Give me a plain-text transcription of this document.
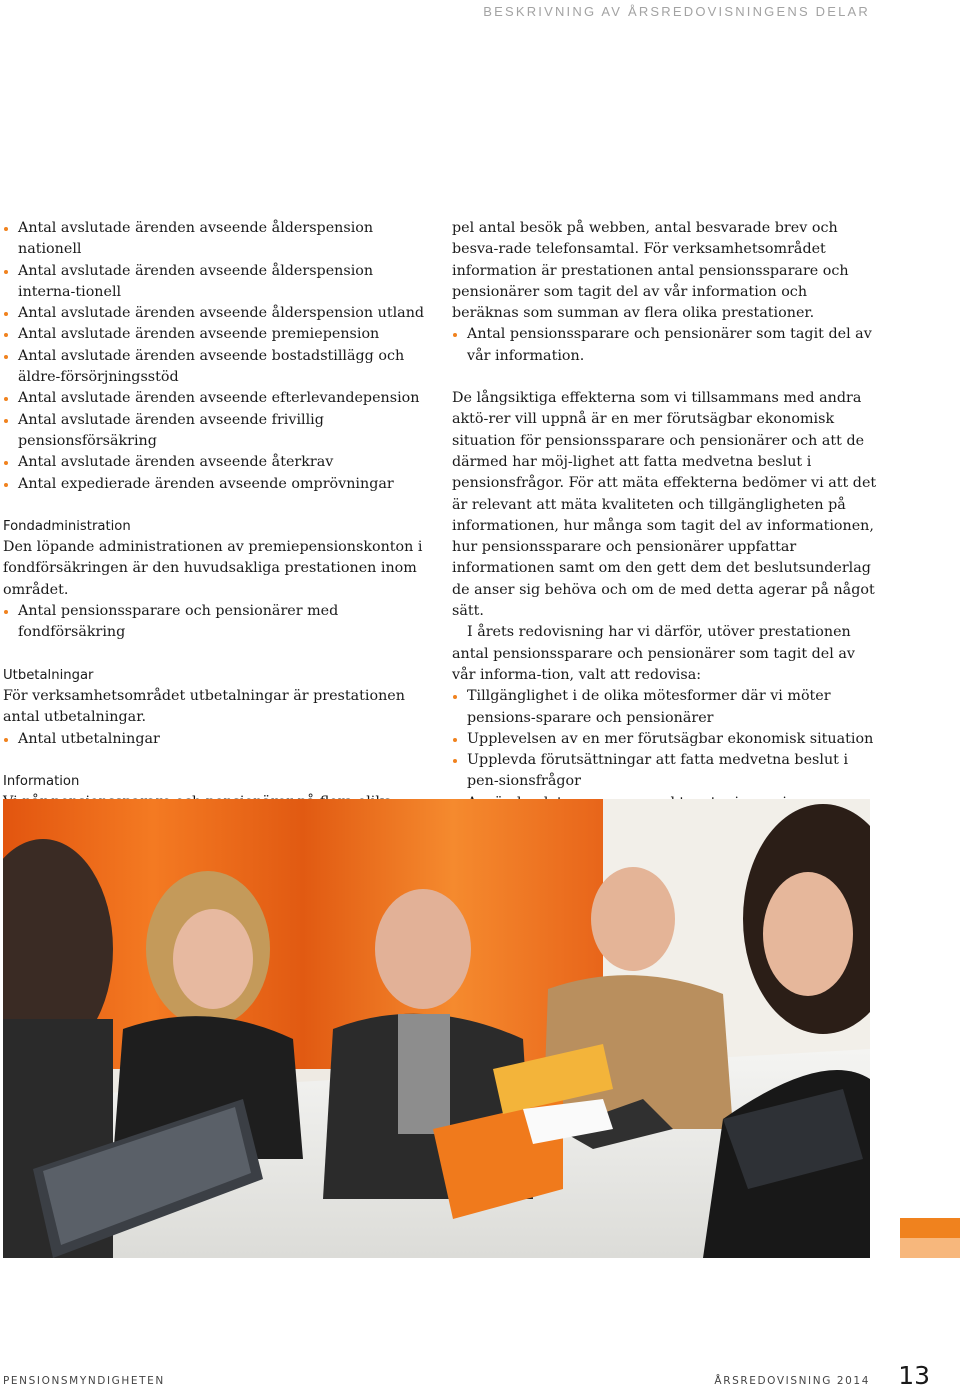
BESKRIVNING AV ÅRSREDOVISNINGENS DELAR
Antal avslutade ärenden avseende ålderspension nationell
Antal avslutade ärenden avseende ålderspension interna-tionell
Antal avslutade ärenden avseende ålderspension utland
Antal avslutade ärenden avseende premiepension
Antal avslutade ärenden avseende bostadstillägg och äldre-försörjningsstöd
Antal avslutade ärenden avseende efterlevandepension
Antal avslutade ärenden avseende frivillig pensionsförsäkring
Antal avslutade ärenden avseende återkrav
Antal expedierade ärenden avseende omprövningar

Fondadministration

Den löpande administrationen av premiepensionskonton i fondförsäkringen är den huvudsakliga prestationen inom området.

Antal pensionssparare och pensionärer med fondförsäkring

Utbetalningar

För verksamhetsområdet utbetalningar är prestationen antal utbetalningar.

Antal utbetalningar

Information

pel antal besök på webben, antal besvarade brev och besva-rade telefonsamtal. För verksamhetsområdet information är prestationen antal pensionssparare och pensionärer som tagit del av vår information och beräknas som summan av flera olika prestationer.

Antal pensionssparare och pensionärer som tagit del av vår information.

De långsiktiga effekterna som vi tillsammans med andra aktö-rer vill uppnå är en mer förutsägbar ekonomisk situation för pensionssparare och pensionärer och att de därmed har möj-lighet att fatta medvetna beslut i pensionsfrågor. För att mäta effekterna bedömer vi att det är relevant att mäta kvaliteten och tillgängligheten på informationen, hur många som tagit del av informationen, hur pensionssparare och pensionärer uppfattar informationen samt om den gett dem det beslutsunderlag de anser sig behöva och om de med detta agerar på något sätt.

I årets redovisning har vi därför, utöver prestationen antal pensionssparare och pensionärer som tagit del av vår informa-tion, valt att redovisa:

Tillgänglighet i de olika mötesformer där vi möter pensions-sparare och pensionärer
Upplevelsen av en mer förutsägbar ekonomisk situation
Upplevda förutsättningar att fatta medvetna beslut i pen-sionsfrågor
PENSIONSMYNDIGHETEN	ÅRSREDOVISNING 2014 13
